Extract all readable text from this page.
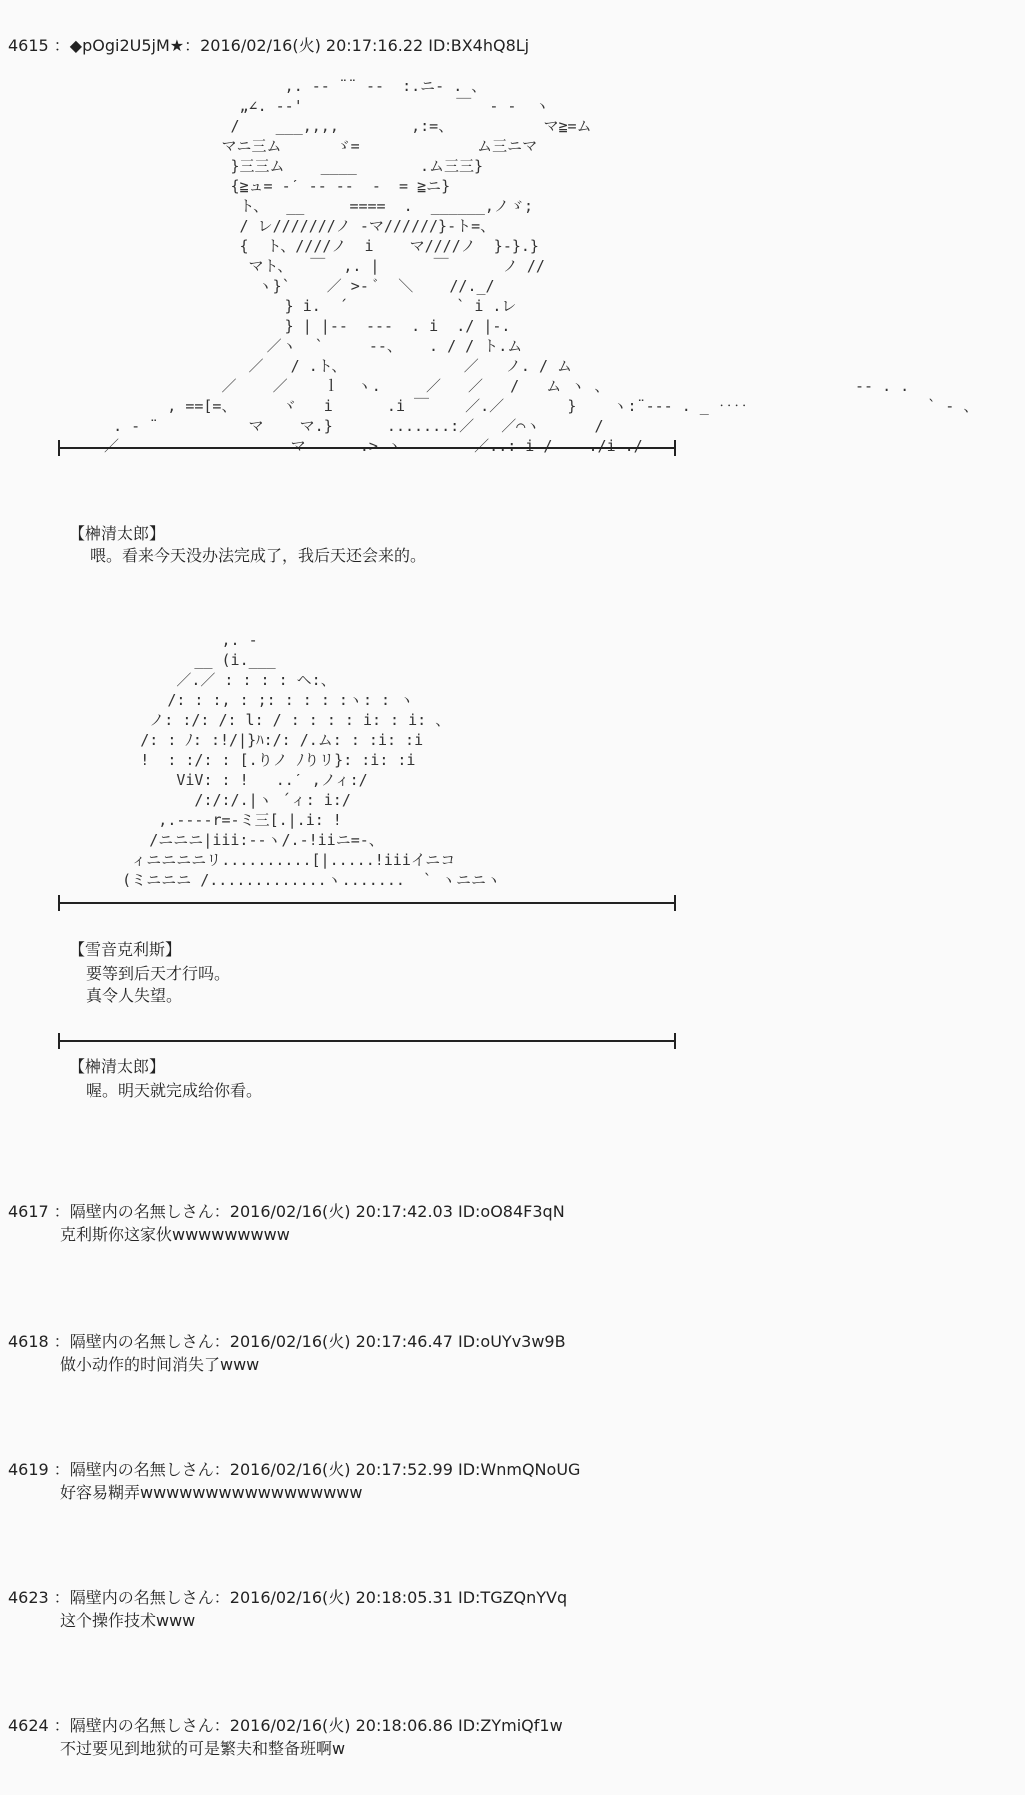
4615 ：◆pOgi2U5jM★：2016/02/16(火) 20:17:16.22 ID:BX4hQ8Lj
,. -‐ ¨¨ ‐-  :.ニ- . 、
„∠. -‐'                 ￣  ‐ -  ヽ
/    ___,,,,        ,:=、          マ≧=ム
マニ三ム      ゞ=             ム三ニマ
}三三ム    ____       .ム三三}
{≧ュ= -ˊ ‐‐ ‐‐  ‐  = ≧ニ}
ト、  __     ====  .  ______,ノゞ;
/ レ///////ノ ‐マ//////}‐ト=、
{  ト、////ノ  i    マ////ノ  }‐}.}
マト、  ￣  ,. |      ￣      ノ //
ヽ}`    ／ >‐ ﾞ  ＼    //._/
} i.  ´            ` i .レ
} | |‐‐  ‐‐‐  . i  ./ |‐.
／ヽ  `     ‐‐、   . / / ト.ム
／   / .ト、             ／   ノ. / ム
／    ／    ｌ  ヽ.     ／   ／   /   ム ヽ 、
, ==[=、     ヾ   i      .i ￣    ／.／       }    ヽ:¨‐‐- . _ ‥‥
. ‐ ¨          マ    マ.}      .......:／   ／⌒ヽ      /
／                   マ      .> ヽ        ／..: i /    ./i ./
‐‐ . .
` ‐ 、
【榊清太郎】
喂。看来今天没办法完成了，我后天还会来的。
,. -
__ (i.___
／.／ : : : : ヘ:、
/: : :, : ;: : : : :ヽ: : ヽ
ノ: :/: /: l: / : : : : i: : i: 、
/: : ﾉ: :!/|}ﾊ:/: /.ム: : :i: :i
!  : :/: : [.りノ ﾉりリ}: :i: :i
ViV: : !   ..ˊ ,ノィ:/
/:/:/.|ヽ ´ィ: i:/
,.---‐r=‐ミ三[.|.i: !
/ニニニ|iii:‐‐ヽ/.‐!iiニ=‐、
ィニニニニリ..........[|.....!iiiイニコ
(ミニニニ /.............ヽ.......  ` ヽニニヽ
【雪音克利斯】
要等到后天才行吗。
真令人失望。
【榊清太郎】
喔。明天就完成给你看。
4617 ：隔壁内の名無しさん：2016/02/16(火) 20:17:42.03 ID:oO84F3qN
克利斯你这家伙wwwwwwwww
4618 ：隔壁内の名無しさん：2016/02/16(火) 20:17:46.47 ID:oUYv3w9B
做小动作的时间消失了www
4619 ：隔壁内の名無しさん：2016/02/16(火) 20:17:52.99 ID:WnmQNoUG
好容易糊弄wwwwwwwwwwwwwwwww
4623 ：隔壁内の名無しさん：2016/02/16(火) 20:18:05.31 ID:TGZQnYVq
这个操作技术www
4624 ：隔壁内の名無しさん：2016/02/16(火) 20:18:06.86 ID:ZYmiQf1w
不过要见到地狱的可是繁夫和整备班啊w
